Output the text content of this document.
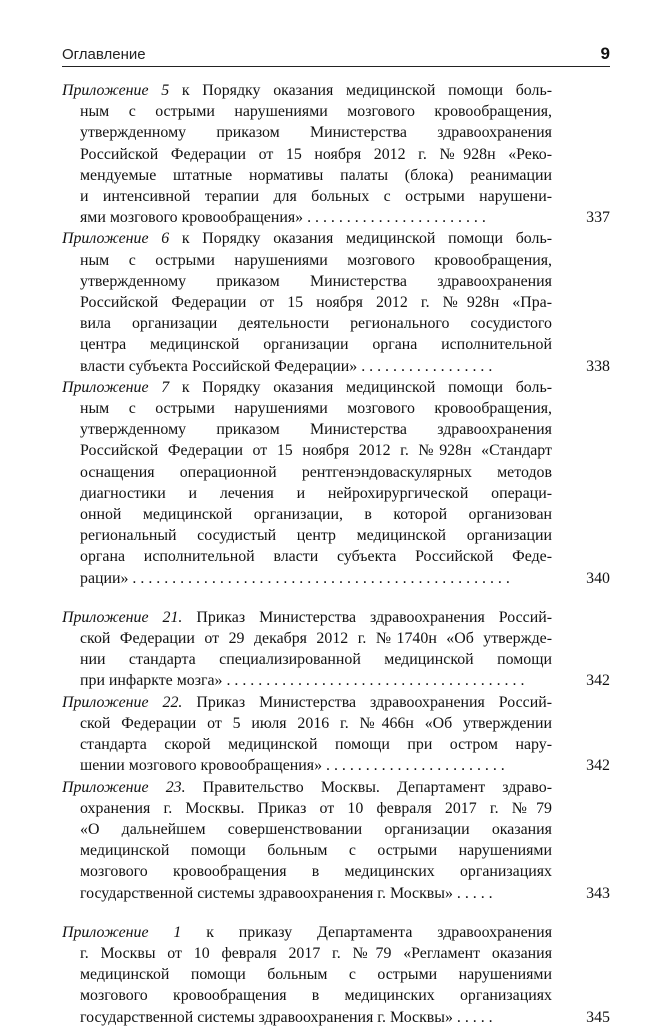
Оглавление	9
Приложение 5 к Порядку оказания медицинской помощи боль-
ным с острыми нарушениями мозгового кровообращения,
утвержденному приказом Министерства здравоохранения
Российской Федерации от 15 ноября 2012 г. №928н «Реко-
мендуемые штатные нормативы палаты (блока) реанимации
и интенсивной терапии для больных с острыми нарушени-
ями мозгового кровообращения» . . . . . . . . . . . . . . . . . . . . . . .	337
Приложение 6 к Порядку оказания медицинской помощи боль-
ным с острыми нарушениями мозгового кровообращения,
утвержденному приказом Министерства здравоохранения
Российской Федерации от 15 ноября 2012 г. №928н «Пра-
вила организации деятельности регионального сосудистого
центра медицинской организации органа исполнительной
власти субъекта Российской Федерации» . . . . . . . . . . . . . . . . .	338
Приложение 7 к Порядку оказания медицинской помощи боль-
ным с острыми нарушениями мозгового кровообращения,
утвержденному приказом Министерства здравоохранения
Российской Федерации от 15 ноября 2012 г. №928н «Стандарт
оснащения операционной рентгенэндоваскулярных методов
диагностики и лечения и нейрохирургической операци-
онной медицинской организации, в которой организован
региональный сосудистый центр медицинской организации
органа исполнительной власти субъекта Российской Феде-
рации» . . . . . . . . . . . . . . . . . . . . . . . . . . . . . . . . . . . . . . . . . . . . . . . .	340
Приложение 21. Приказ Министерства здравоохранения Россий-
ской Федерации от 29 декабря 2012 г. №1740н «Об утвержде-
нии стандарта специализированной медицинской помощи
при инфаркте мозга» . . . . . . . . . . . . . . . . . . . . . . . . . . . . . . . . . . . . . .	342
Приложение 22. Приказ Министерства здравоохранения Россий-
ской Федерации от 5 июля 2016 г. №466н «Об утверждении
стандарта скорой медицинской помощи при остром нару-
шении мозгового кровообращения» . . . . . . . . . . . . . . . . . . . . . . .	342
Приложение 23. Правительство Москвы. Департамент здраво-
охранения г. Москвы. Приказ от 10 февраля 2017 г. №79
«О дальнейшем совершенствовании организации оказания
медицинской помощи больным с острыми нарушениями
мозгового кровообращения в медицинских организациях
государственной системы здравоохранения г. Москвы» . . . . .	343
Приложение 1 к приказу Департамента здравоохранения
г. Москвы от 10 февраля 2017 г. №79 «Регламент оказания
медицинской помощи больным с острыми нарушениями
мозгового кровообращения в медицинских организациях
государственной системы здравоохранения г. Москвы» . . . . .	345
